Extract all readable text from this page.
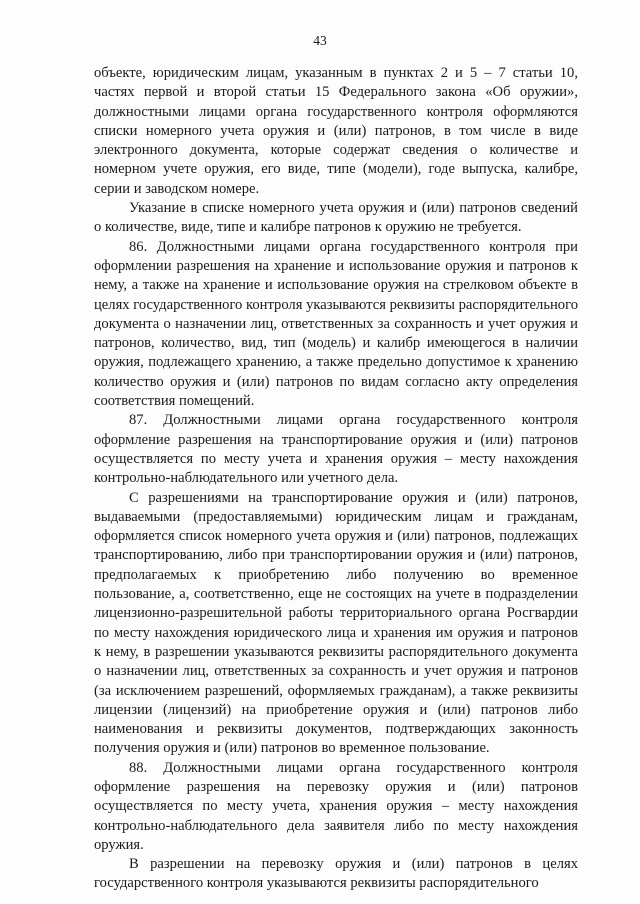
43

объекте, юридическим лицам, указанным в пунктах 2 и 5 – 7 статьи 10, частях первой и второй статьи 15 Федерального закона «Об оружии», должностными лицами органа государственного контроля оформляются списки номерного учета оружия и (или) патронов, в том числе в виде электронного документа, которые содержат сведения о количестве и номерном учете оружия, его виде, типе (модели), годе выпуска, калибре, серии и заводском номере.

Указание в списке номерного учета оружия и (или) патронов сведений о количестве, виде, типе и калибре патронов к оружию не требуется.

86. Должностными лицами органа государственного контроля при оформлении разрешения на хранение и использование оружия и патронов к нему, а также на хранение и использование оружия на стрелковом объекте в целях государственного контроля указываются реквизиты распорядительного документа о назначении лиц, ответственных за сохранность и учет оружия и патронов, количество, вид, тип (модель) и калибр имеющегося в наличии оружия, подлежащего хранению, а также предельно допустимое к хранению количество оружия и (или) патронов по видам согласно акту определения соответствия помещений.

87. Должностными лицами органа государственного контроля оформление разрешения на транспортирование оружия и (или) патронов осуществляется по месту учета и хранения оружия – месту нахождения контрольно-наблюдательного или учетного дела.

С разрешениями на транспортирование оружия и (или) патронов, выдаваемыми (предоставляемыми) юридическим лицам и гражданам, оформляется список номерного учета оружия и (или) патронов, подлежащих транспортированию, либо при транспортировании оружия и (или) патронов, предполагаемых к приобретению либо получению во временное пользование, а, соответственно, еще не состоящих на учете в подразделении лицензионно-разрешительной работы территориального органа Росгвардии по месту нахождения юридического лица и хранения им оружия и патронов к нему, в разрешении указываются реквизиты распорядительного документа о назначении лиц, ответственных за сохранность и учет оружия и патронов (за исключением разрешений, оформляемых гражданам), а также реквизиты лицензии (лицензий) на приобретение оружия и (или) патронов либо наименования и реквизиты документов, подтверждающих законность получения оружия и (или) патронов во временное пользование.

88. Должностными лицами органа государственного контроля оформление разрешения на перевозку оружия и (или) патронов осуществляется по месту учета, хранения оружия – месту нахождения контрольно-наблюдательного дела заявителя либо по месту нахождения оружия.

В разрешении на перевозку оружия и (или) патронов в целях государственного контроля указываются реквизиты распорядительного
